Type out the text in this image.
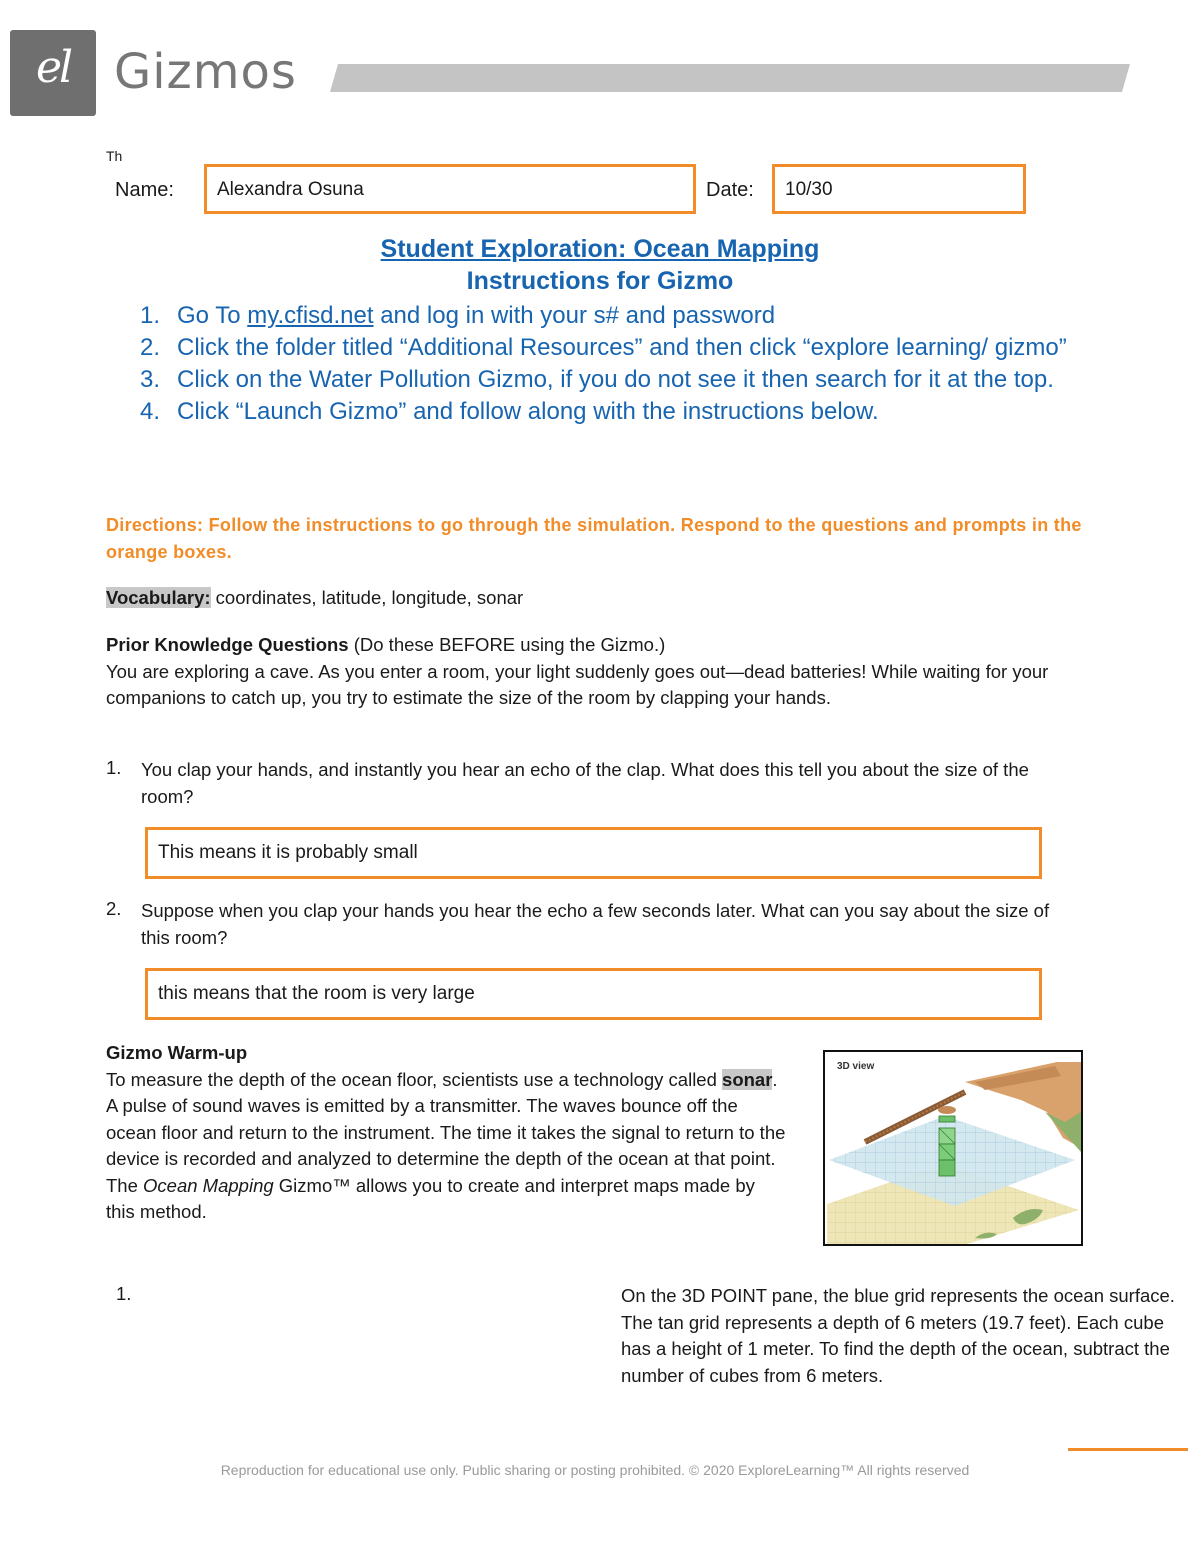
el Gizmos
Th
Name:	Alexandra Osuna	Date:	10/30
Student Exploration: Ocean Mapping
Instructions for Gizmo
1. Go To my.cfisd.net and log in with your s# and password
2. Click the folder titled “Additional Resources” and then click “explore learning/ gizmo”
3. Click on the Water Pollution Gizmo, if you do not see it then search for it at the top.
4. Click “Launch Gizmo” and follow along with the instructions below.
Directions: Follow the instructions to go through the simulation. Respond to the questions and prompts in the orange boxes.
Vocabulary: coordinates, latitude, longitude, sonar
Prior Knowledge Questions (Do these BEFORE using the Gizmo.)
You are exploring a cave. As you enter a room, your light suddenly goes out—dead batteries! While waiting for your companions to catch up, you try to estimate the size of the room by clapping your hands.
1. You clap your hands, and instantly you hear an echo of the clap. What does this tell you about the size of the room?
This means it is probably small
2. Suppose when you clap your hands you hear the echo a few seconds later. What can you say about the size of this room?
this means that the room is very large
Gizmo Warm-up
To measure the depth of the ocean floor, scientists use a technology called sonar. A pulse of sound waves is emitted by a transmitter. The waves bounce off the ocean floor and return to the instrument. The time it takes the signal to return to the device is recorded and analyzed to determine the depth of the ocean at that point. The Ocean Mapping Gizmo™ allows you to create and interpret maps made by this method.
3D view
1.	On the 3D POINT pane, the blue grid represents the ocean surface. The tan grid represents a depth of 6 meters (19.7 feet). Each cube has a height of 1 meter. To find the depth of the ocean, subtract the number of cubes from 6 meters.
Reproduction for educational use only. Public sharing or posting prohibited. © 2020 ExploreLearning™ All rights reserved
